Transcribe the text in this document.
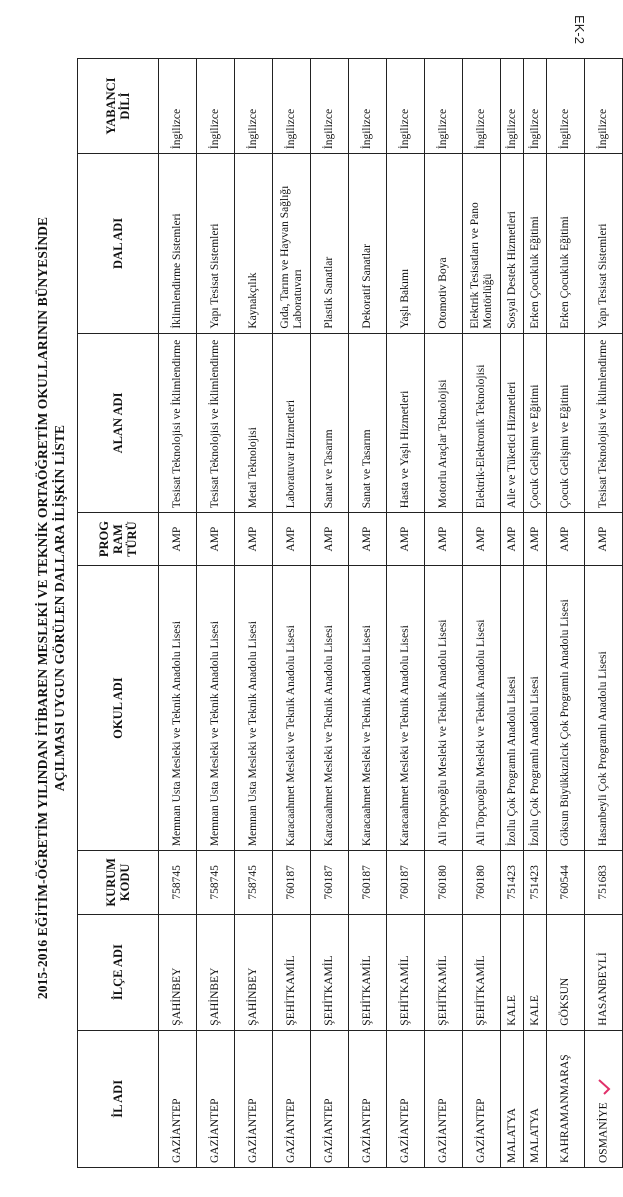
EK-2
2015-2016 EĞİTİM-ÖĞRETİM YILINDAN İTİBAREN MESLEKİ VE TEKNİK ORTAÖĞRETİM OKULLARININ BÜNYESİNDE AÇILMASI UYGUN GÖRÜLEN DALLARA İLİŞKİN LİSTE
İL ADI	İLÇE ADI	KURUM KODU	OKUL ADI	PROG RAM TÜRÜ	ALAN ADI	DAL ADI	YABANCI DİLİ
GAZİANTEP	ŞAHİNBEY	758745	Memnan Usta Mesleki ve Teknik Anadolu Lisesi	AMP	Tesisat Teknolojisi ve İklimlendirme	İklimlendirme Sistemleri	İngilizce
GAZİANTEP	ŞAHİNBEY	758745	Memnan Usta Mesleki ve Teknik Anadolu Lisesi	AMP	Tesisat Teknolojisi ve İklimlendirme	Yapı Tesisat Sistemleri	İngilizce
GAZİANTEP	ŞAHİNBEY	758745	Memnan Usta Mesleki ve Teknik Anadolu Lisesi	AMP	Metal Teknolojisi	Kaynakçılık	İngilizce
GAZİANTEP	ŞEHİTKAMİL	760187	Karacaahmet Mesleki ve Teknik Anadolu Lisesi	AMP	Laboratuvar Hizmetleri	Gıda, Tarım ve Hayvan Sağlığı Laboratuvarı	İngilizce
GAZİANTEP	ŞEHİTKAMİL	760187	Karacaahmet Mesleki ve Teknik Anadolu Lisesi	AMP	Sanat ve Tasarım	Plastik Sanatlar	İngilizce
GAZİANTEP	ŞEHİTKAMİL	760187	Karacaahmet Mesleki ve Teknik Anadolu Lisesi	AMP	Sanat ve Tasarım	Dekoratif Sanatlar	İngilizce
GAZİANTEP	ŞEHİTKAMİL	760187	Karacaahmet Mesleki ve Teknik Anadolu Lisesi	AMP	Hasta ve Yaşlı Hizmetleri	Yaşlı Bakımı	İngilizce
GAZİANTEP	ŞEHİTKAMİL	760180	Ali Topçuoğlu Mesleki ve Teknik Anadolu Lisesi	AMP	Motorlu Araçlar Teknolojisi	Otomotiv Boya	İngilizce
GAZİANTEP	ŞEHİTKAMİL	760180	Ali Topçuoğlu Mesleki ve Teknik Anadolu Lisesi	AMP	Elektrik-Elektronik Teknolojisi	Elektrik Tesisatları ve Pano Montörlüğü	İngilizce
MALATYA	KALE	751423	İzollu Çok Programlı Anadolu Lisesi	AMP	Aile ve Tüketici Hizmetleri	Sosyal Destek Hizmetleri	İngilizce
MALATYA	KALE	751423	İzollu Çok Programlı Anadolu Lisesi	AMP	Çocuk Gelişimi ve Eğitimi	Erken Çocukluk Eğitimi	İngilizce
KAHRAMANMARAŞ	GÖKSUN	760544	Göksun Büyükkızılcık Çok Programlı Anadolu Lisesi	AMP	Çocuk Gelişimi ve Eğitimi	Erken Çocukluk Eğitimi	İngilizce
OSMANİYE	HASANBEYLİ	751683	Hasanbeyli Çok Programlı Anadolu Lisesi	AMP	Tesisat Teknolojisi ve İklimlendirme	Yapı Tesisat Sistemleri	İngilizce
